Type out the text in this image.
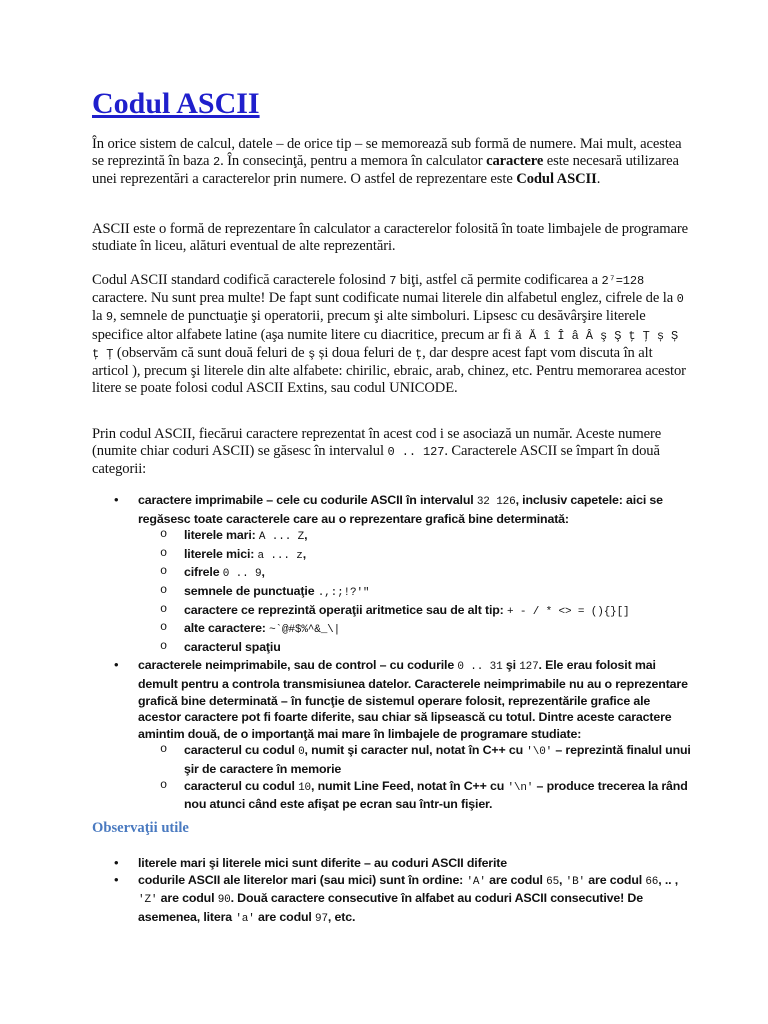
Codul ASCII

În orice sistem de calcul, datele – de orice tip – se memorează sub formă de numere. Mai mult, acestea se reprezintă în baza 2. În consecinţă, pentru a memora în calculator caractere este necesară utilizarea unei reprezentări a caracterelor prin numere. O astfel de reprezentare este Codul ASCII.

ASCII este o formă de reprezentare în calculator a caracterelor folosită în toate limbajele de programare studiate în liceu, alături eventual de alte reprezentări.

Codul ASCII standard codifică caracterele folosind 7 biţi, astfel că permite codificarea a 2⁷=128 caractere. Nu sunt prea multe! De fapt sunt codificate numai literele din alfabetul englez, cifrele de la 0 la 9, semnele de punctuaţie şi operatorii, precum şi alte simboluri. Lipsesc cu desăvârşire literele specifice altor alfabete latine (aşa numite litere cu diacritice, precum ar fi ă Ă î Î â Â ş Ş ţ Ţ ș Ș ț Ț (observăm că sunt două feluri de ş și doua feluri de ţ, dar despre acest fapt vom discuta în alt articol ), precum şi literele din alte alfabete: chirilic, ebraic, arab, chinez, etc. Pentru memorarea acestor litere se poate folosi codul ASCII Extins, sau codul UNICODE.

Prin codul ASCII, fiecărui caractere reprezentat în acest cod i se asociază un număr. Aceste numere (numite chiar coduri ASCII) se găsesc în intervalul 0 .. 127. Caracterele ASCII se împart în două categorii:

• caractere imprimabile – cele cu codurile ASCII în intervalul 32 126, inclusiv capetele: aici se regăsesc toate caracterele care au o reprezentare grafică bine determinată:
o literele mari: A ... Z,
o literele mici: a ... z,
o cifrele 0 .. 9,
o semnele de punctuaţie .,:;!?'"
o caractere ce reprezintă operaţii aritmetice sau de alt tip: + - / * <> = (){}[]
o alte caractere: ~`@#$%^&_\|
o caracterul spaţiu
• caracterele neimprimabile, sau de control – cu codurile 0 .. 31 şi 127. Ele erau folosit mai demult pentru a controla transmisiunea datelor. Caracterele neimprimabile nu au o reprezentare grafică bine determinată – în funcţie de sistemul operare folosit, reprezentările grafice ale acestor caractere pot fi foarte diferite, sau chiar să lipsească cu totul. Dintre aceste caractere amintim două, de o importanţă mai mare în limbajele de programare studiate:
o caracterul cu codul 0, numit şi caracter nul, notat în C++ cu '\0' – reprezintă finalul unui şir de caractere în memorie
o caracterul cu codul 10, numit Line Feed, notat în C++ cu '\n' – produce trecerea la rând nou atunci când este afişat pe ecran sau într-un fişier.
Observaţii utile
• literele mari şi literele mici sunt diferite – au coduri ASCII diferite
• codurile ASCII ale literelor mari (sau mici) sunt în ordine: 'A' are codul 65, 'B' are codul 66, .. , 'Z' are codul 90. Două caractere consecutive în alfabet au coduri ASCII consecutive! De asemenea, litera 'a' are codul 97, etc.
